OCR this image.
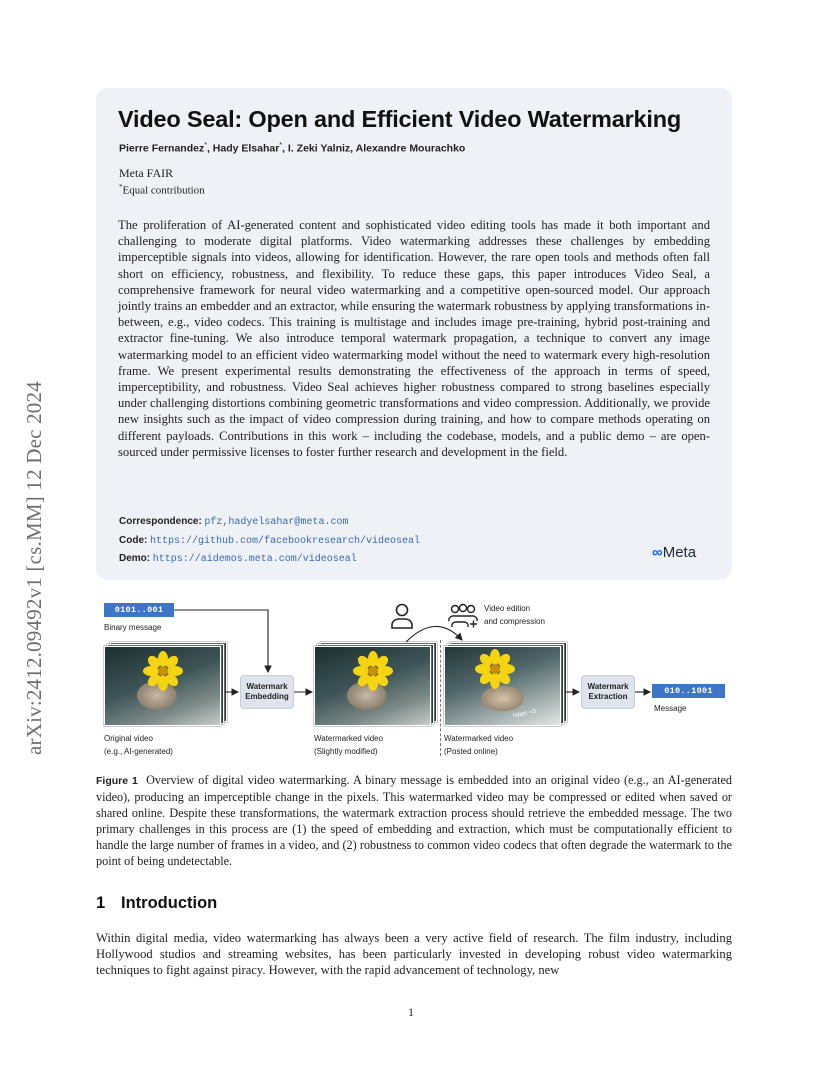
arXiv:2412.09492v1 [cs.MM] 12 Dec 2024
Video Seal: Open and Efficient Video Watermarking
Pierre Fernandez*, Hady Elsahar*, I. Zeki Yalniz, Alexandre Mourachko
Meta FAIR
*Equal contribution

The proliferation of AI-generated content and sophisticated video editing tools has made it both important and challenging to moderate digital platforms. Video watermarking addresses these challenges by embedding imperceptible signals into videos, allowing for identification. However, the rare open tools and methods often fall short on efficiency, robustness, and flexibility. To reduce these gaps, this paper introduces Video Seal, a comprehensive framework for neural video watermarking and a competitive open-sourced model. Our approach jointly trains an embedder and an extractor, while ensuring the watermark robustness by applying transformations in-between, e.g., video codecs. This training is multistage and includes image pre-training, hybrid post-training and extractor fine-tuning. We also introduce temporal watermark propagation, a technique to convert any image watermarking model to an efficient video watermarking model without the need to watermark every high-resolution frame. We present experimental results demonstrating the effectiveness of the approach in terms of speed, imperceptibility, and robustness. Video Seal achieves higher robustness compared to strong baselines especially under challenging distortions combining geometric transformations and video compression. Additionally, we provide new insights such as the impact of video compression during training, and how to compare methods operating on different payloads. Contributions in this work – including the codebase, models, and a public demo – are open-sourced under permissive licenses to foster further research and development in the field.

Correspondence: pfz,hadyelsahar@meta.com
Code: https://github.com/facebookresearch/videoseal
Demo: https://aidemos.meta.com/videoseal	∞Meta
0101..001
Binary message
Original video
(e.g., AI-generated)
Watermark
Embedding
Watermarked video
(Slightly modified)
Video edition
and compression
hippo <3
Watermarked video
(Posted online)
Watermark
Extraction
010..1001
Message

Figure 1 Overview of digital video watermarking. A binary message is embedded into an original video (e.g., an AI-generated video), producing an imperceptible change in the pixels. This watermarked video may be compressed or edited when saved or shared online. Despite these transformations, the watermark extraction process should retrieve the embedded message. The two primary challenges in this process are (1) the speed of embedding and extraction, which must be computationally efficient to handle the large number of frames in a video, and (2) robustness to common video codecs that often degrade the watermark to the point of being undetectable.

1 Introduction

Within digital media, video watermarking has always been a very active field of research. The film industry, including Hollywood studios and streaming websites, has been particularly invested in developing robust video watermarking techniques to fight against piracy. However, with the rapid advancement of technology, new

1
